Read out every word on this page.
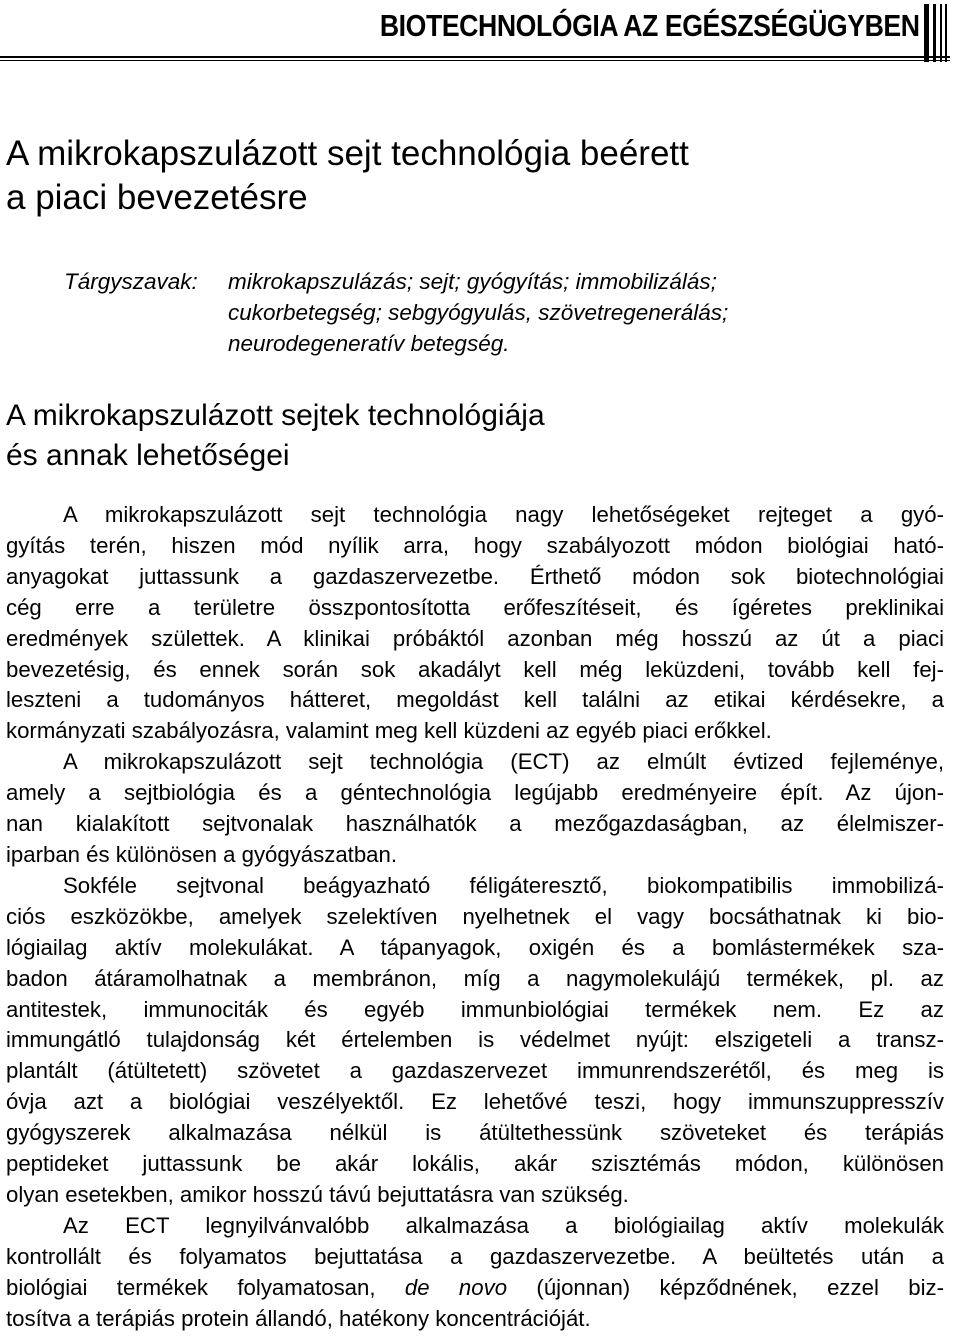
BIOTECHNOLÓGIA AZ EGÉSZSÉGÜGYBEN
A mikrokapszulázott sejt technológia beérett
a piaci bevezetésre
Tárgyszavak:	mikrokapszulázás; sejt; gyógyítás; immobilizálás;
cukorbetegség; sebgyógyulás, szövetregenerálás;
neurodegeneratív betegség.
A mikrokapszulázott sejtek technológiája
és annak lehetőségei

A mikrokapszulázott sejt technológia nagy lehetőségeket rejteget a gyó-
gyítás terén, hiszen mód nyílik arra, hogy szabályozott módon biológiai ható-
anyagokat juttassunk a gazdaszervezetbe. Érthető módon sok biotechnológiai
cég erre a területre összpontosította erőfeszítéseit, és ígéretes preklinikai
eredmények születtek. A klinikai próbáktól azonban még hosszú az út a piaci
bevezetésig, és ennek során sok akadályt kell még leküzdeni, tovább kell fej-
leszteni a tudományos hátteret, megoldást kell találni az etikai kérdésekre, a
kormányzati szabályozásra, valamint meg kell küzdeni az egyéb piaci erőkkel.

A mikrokapszulázott sejt technológia (ECT) az elmúlt évtized fejleménye,
amely a sejtbiológia és a géntechnológia legújabb eredményeire épít. Az újon-
nan kialakított sejtvonalak használhatók a mezőgazdaságban, az élelmiszer-
iparban és különösen a gyógyászatban.

Sokféle sejtvonal beágyazható féligáteresztő, biokompatibilis immobilizá-
ciós eszközökbe, amelyek szelektíven nyelhetnek el vagy bocsáthatnak ki bio-
lógiailag aktív molekulákat. A tápanyagok, oxigén és a bomlástermékek sza-
badon átáramolhatnak a membránon, míg a nagymolekulájú termékek, pl. az
antitestek, immunociták és egyéb immunbiológiai termékek nem. Ez az
immungátló tulajdonság két értelemben is védelmet nyújt: elszigeteli a transz-
plantált (átültetett) szövetet a gazdaszervezet immunrendszerétől, és meg is
óvja azt a biológiai veszélyektől. Ez lehetővé teszi, hogy immunszuppresszív
gyógyszerek alkalmazása nélkül is átültethessünk szöveteket és terápiás
peptideket juttassunk be akár lokális, akár szisztémás módon, különösen
olyan esetekben, amikor hosszú távú bejuttatásra van szükség.

Az ECT legnyilvánvalóbb alkalmazása a biológiailag aktív molekulák
kontrollált és folyamatos bejuttatása a gazdaszervezetbe. A beültetés után a
biológiai termékek folyamatosan, de novo (újonnan) képződnének, ezzel biz-
tosítva a terápiás protein állandó, hatékony koncentrációját.
